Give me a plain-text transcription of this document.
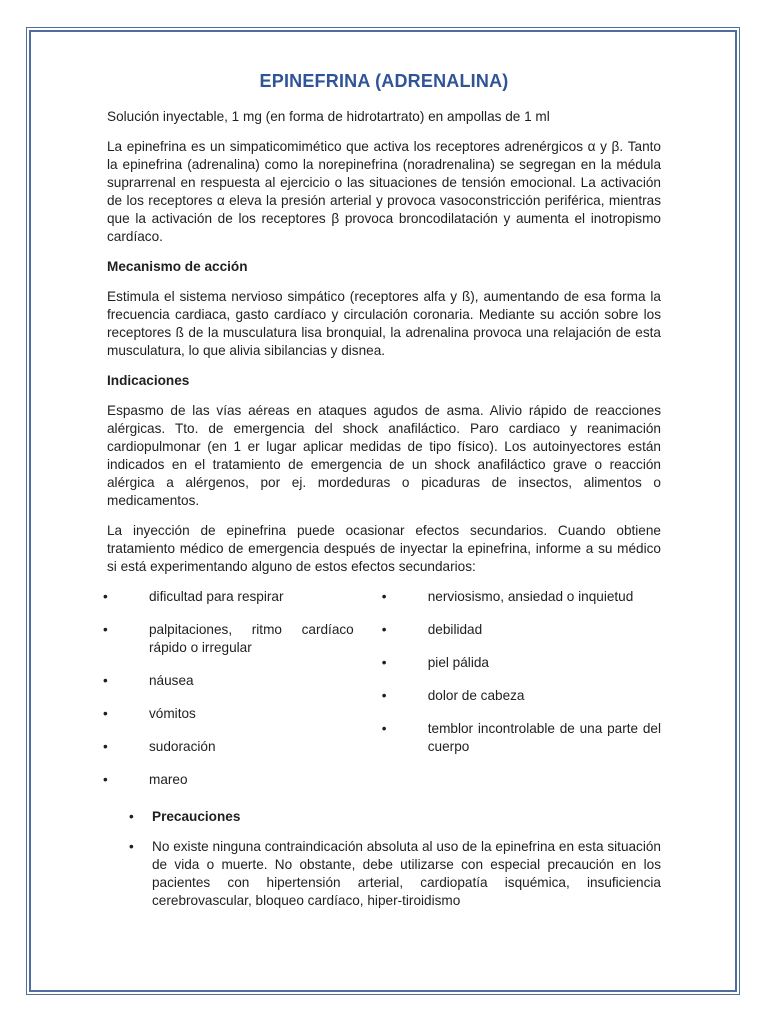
EPINEFRINA (ADRENALINA)

Solución inyectable, 1 mg (en forma de hidrotartrato) en ampollas de 1 ml

La epinefrina es un simpaticomimético que activa los receptores adrenérgicos α y β. Tanto la epinefrina (adrenalina) como la norepinefrina (noradrenalina) se segregan en la médula suprarrenal en respuesta al ejercicio o las situaciones de tensión emocional. La activación de los receptores α eleva la presión arterial y provoca vasoconstricción periférica, mientras que la activación de los receptores β provoca broncodilatación y aumenta el inotropismo cardíaco.

Mecanismo de acción

Estimula el sistema nervioso simpático (receptores alfa y ß), aumentando de esa forma la frecuencia cardiaca, gasto cardíaco y circulación coronaria. Mediante su acción sobre los receptores ß de la musculatura lisa bronquial, la adrenalina provoca una relajación de esta musculatura, lo que alivia sibilancias y disnea.

Indicaciones

Espasmo de las vías aéreas en ataques agudos de asma. Alivio rápido de reacciones alérgicas. Tto. de emergencia del shock anafiláctico. Paro cardiaco y reanimación cardiopulmonar (en 1 er lugar aplicar medidas de tipo físico). Los autoinyectores están indicados en el tratamiento de emergencia de un shock anafiláctico grave o reacción alérgica a alérgenos, por ej. mordeduras o picaduras de insectos, alimentos o medicamentos.

La inyección de epinefrina puede ocasionar efectos secundarios. Cuando obtiene tratamiento médico de emergencia después de inyectar la epinefrina, informe a su médico si está experimentando alguno de estos efectos secundarios:

•	dificultad para respirar
•	palpitaciones, ritmo cardíaco rápido o irregular
•	náusea
•	vómitos
•	sudoración
•	mareo
•	nerviosismo, ansiedad o inquietud
•	debilidad
•	piel pálida
•	dolor de cabeza
•	temblor incontrolable de una parte del cuerpo
• Precauciones
• No existe ninguna contraindicación absoluta al uso de la epinefrina en esta situación de vida o muerte. No obstante, debe utilizarse con especial precaución en los pacientes con hipertensión arterial, cardiopatía isquémica, insuficiencia cerebrovascular, bloqueo cardíaco, hiper-tiroidismo
